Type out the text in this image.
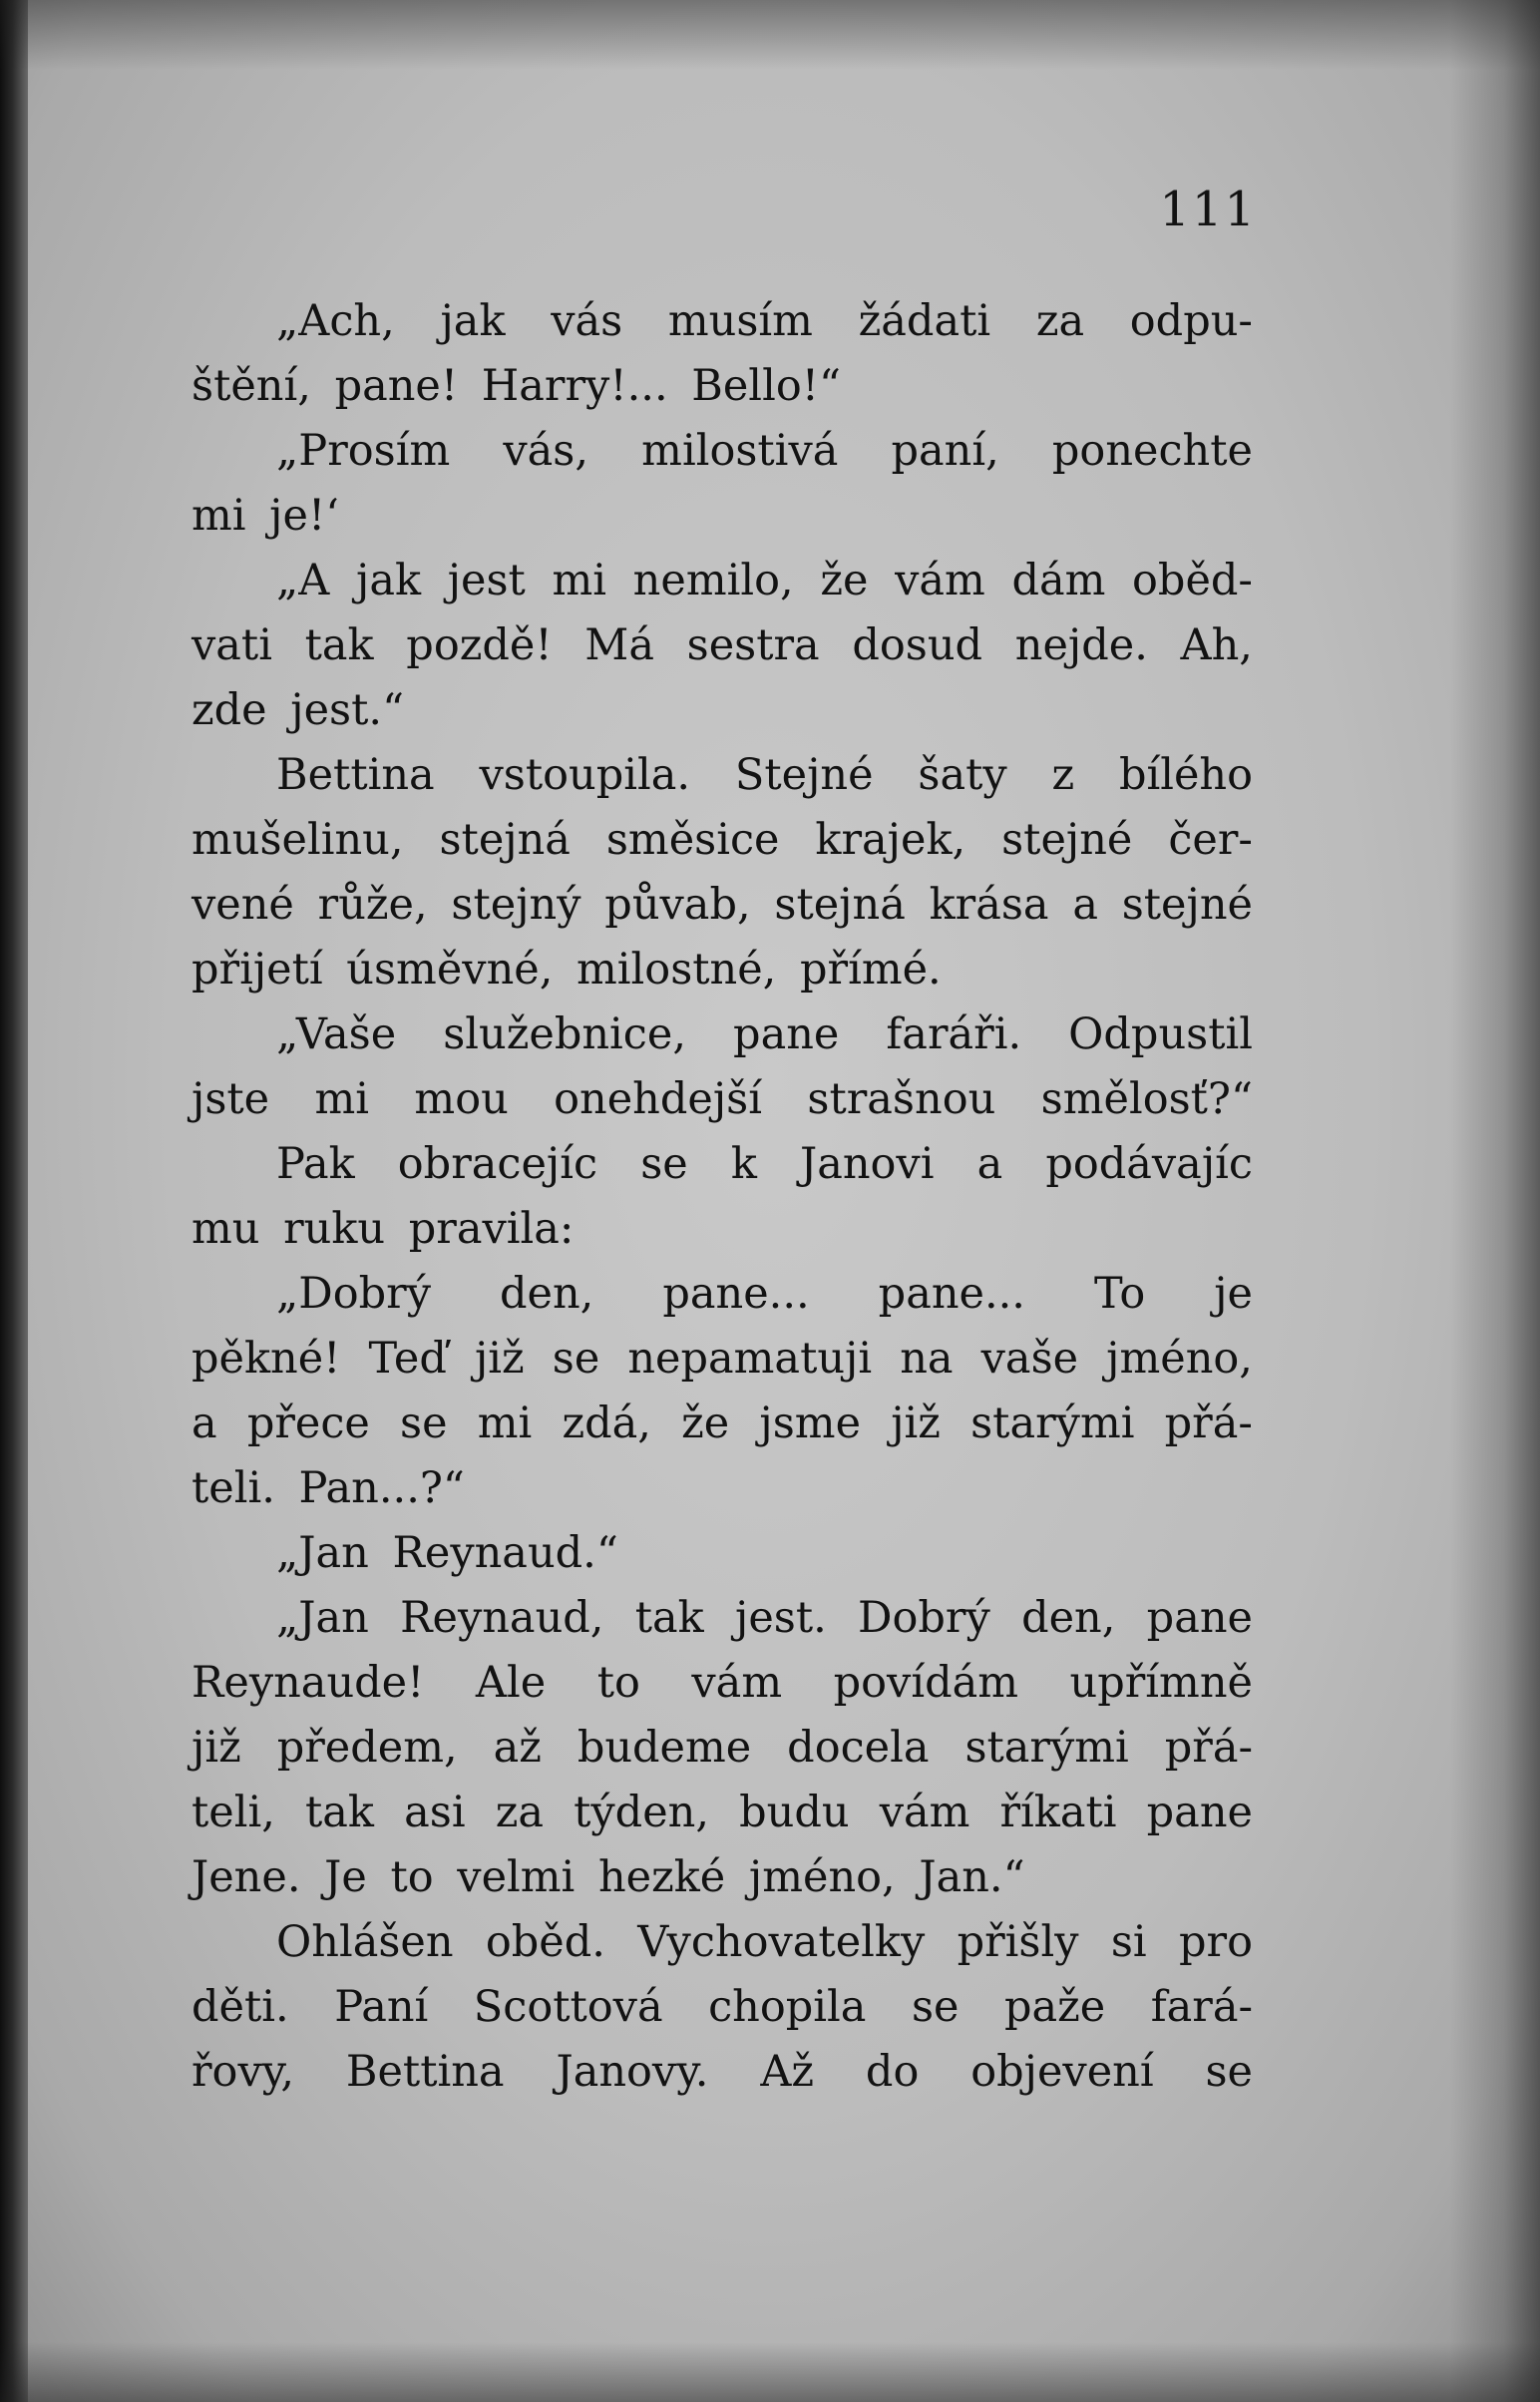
111
„Ach, jak vás musím žádati za odpu-
štění, pane! Harry!... Bello!“
„Prosím vás, milostivá paní, ponechte
mi je!‘
„A jak jest mi nemilo, že vám dám oběd-
vati tak pozdě! Má sestra dosud nejde. Ah,
zde jest.“
Bettina vstoupila. Stejné šaty z bílého
mušelinu, stejná směsice krajek, stejné čer-
vené růže, stejný půvab, stejná krása a stejné
přijetí úsměvné, milostné, přímé.
„Vaše služebnice, pane faráři. Odpustil
jste mi mou onehdejší strašnou smělosť?“
Pak obracejíc se k Janovi a podávajíc
mu ruku pravila:
„Dobrý den, pane... pane... To je
pěkné! Teď již se nepamatuji na vaše jméno,
a přece se mi zdá, že jsme již starými přá-
teli. Pan...?“
„Jan Reynaud.“
„Jan Reynaud, tak jest. Dobrý den, pane
Reynaude! Ale to vám povídám upřímně
již předem, až budeme docela starými přá-
teli, tak asi za týden, budu vám říkati pane
Jene. Je to velmi hezké jméno, Jan.“
Ohlášen oběd. Vychovatelky přišly si pro
děti. Paní Scottová chopila se paže fará-
řovy, Bettina Janovy. Až do objevení se
